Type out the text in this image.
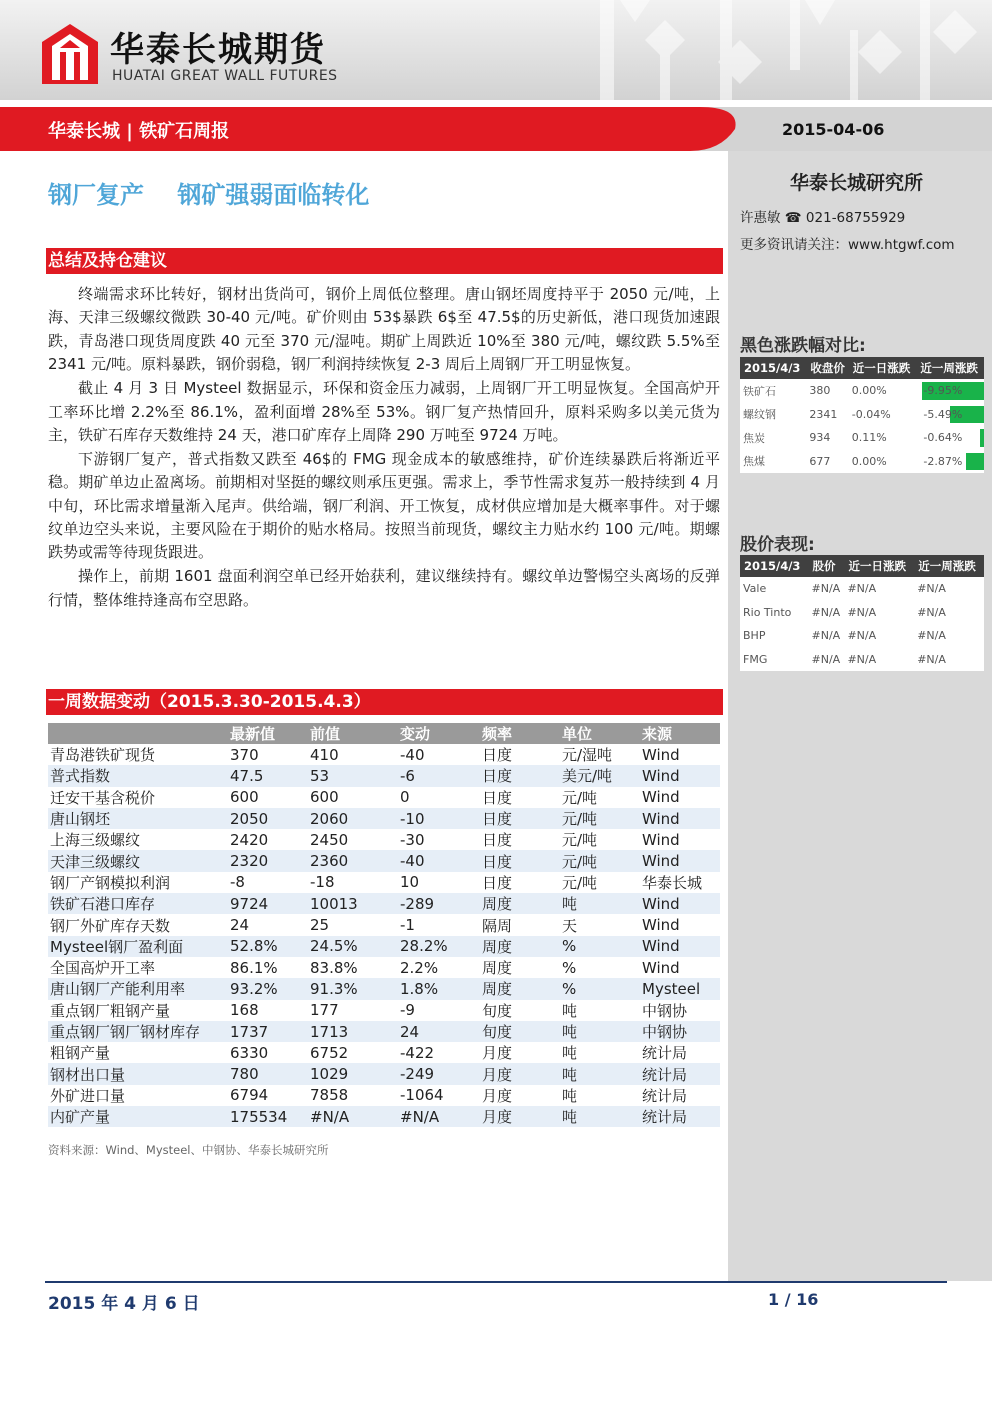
华泰长城期货
HUATAI GREAT WALL FUTURES
华泰长城 | 铁矿石周报	2015-04-06
钢厂复产    钢矿强弱面临转化
总结及持仓建议

终端需求环比转好，钢材出货尚可，钢价上周低位整理。唐山钢坯周度持平于 2050 元/吨，上海、天津三级螺纹微跌 30-40 元/吨。矿价则由 53$暴跌 6$至 47.5$的历史新低，港口现货加速跟跌，青岛港口现货周度跌 40 元至 370 元/湿吨。期矿上周跌近 10%至 380 元/吨，螺纹跌 5.5%至 2341 元/吨。原料暴跌，钢价弱稳，钢厂利润持续恢复 2-3 周后上周钢厂开工明显恢复。

截止 4 月 3 日 Mysteel 数据显示，环保和资金压力减弱，上周钢厂开工明显恢复。全国高炉开工率环比增 2.2%至 86.1%，盈利面增 28%至 53%。钢厂复产热情回升，原料采购多以美元货为主，铁矿石库存天数维持 24 天，港口矿库存上周降 290 万吨至 9724 万吨。

下游钢厂复产，普式指数又跌至 46$的 FMG 现金成本的敏感维持，矿价连续暴跌后将渐近平稳。期矿单边止盈离场。前期相对坚挺的螺纹则承压更强。需求上，季节性需求复苏一般持续到 4 月中旬，环比需求增量渐入尾声。供给端，钢厂利润、开工恢复，成材供应增加是大概率事件。对于螺纹单边空头来说，主要风险在于期价的贴水格局。按照当前现货，螺纹主力贴水约 100 元/吨。期螺跌势或需等待现货跟进。

操作上，前期 1601 盘面利润空单已经开始获利，建议继续持有。螺纹单边警惕空头离场的反弹行情，整体维持逢高布空思路。

华泰长城研究所
许惠敏 ☎ 021-68755929
更多资讯请关注：www.htgwf.com
黑色涨跌幅对比:
2015/4/3	收盘价	近一日涨跌	近一周涨跌
铁矿石	380	0.00%	-9.95%
螺纹钢	2341	-0.04%	-5.49%
焦炭	934	0.11%	-0.64%
焦煤	677	0.00%	-2.87%
股价表现:
2015/4/3	股价	近一日涨跌	近一周涨跌
Vale	#N/A	#N/A	#N/A
Rio Tinto	#N/A	#N/A	#N/A
BHP	#N/A	#N/A	#N/A
FMG	#N/A	#N/A	#N/A
一周数据变动（2015.3.30-2015.4.3）
	最新值	前值	变动	频率	单位	来源
青岛港铁矿现货	370	410	-40	日度	元/湿吨	Wind
普式指数	47.5	53	-6	日度	美元/吨	Wind
迁安干基含税价	600	600	0	日度	元/吨	Wind
唐山钢坯	2050	2060	-10	日度	元/吨	Wind
上海三级螺纹	2420	2450	-30	日度	元/吨	Wind
天津三级螺纹	2320	2360	-40	日度	元/吨	Wind
钢厂产钢模拟利润	-8	-18	10	日度	元/吨	华泰长城
铁矿石港口库存	9724	10013	-289	周度	吨	Wind
钢厂外矿库存天数	24	25	-1	隔周	天	Wind
Mysteel钢厂盈利面	52.8%	24.5%	28.2%	周度	%	Wind
全国高炉开工率	86.1%	83.8%	2.2%	周度	%	Wind
唐山钢厂产能利用率	93.2%	91.3%	1.8%	周度	%	Mysteel
重点钢厂粗钢产量	168	177	-9	旬度	吨	中钢协
重点钢厂钢厂钢材库存	1737	1713	24	旬度	吨	中钢协
粗钢产量	6330	6752	-422	月度	吨	统计局
钢材出口量	780	1029	-249	月度	吨	统计局
外矿进口量	6794	7858	-1064	月度	吨	统计局
内矿产量	175534	#N/A	#N/A	月度	吨	统计局
资料来源：Wind、Mysteel、中钢协、华泰长城研究所
2015 年 4 月 6 日	1 / 16
